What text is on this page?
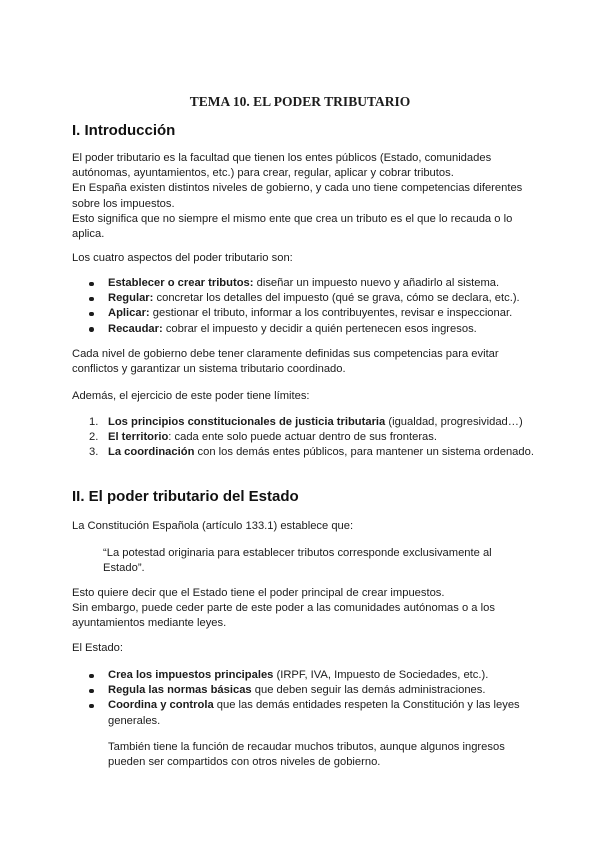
TEMA 10. EL PODER TRIBUTARIO
I. Introducción

El poder tributario es la facultad que tienen los entes públicos (Estado, comunidades autónomas, ayuntamientos, etc.) para crear, regular, aplicar y cobrar tributos.
En España existen distintos niveles de gobierno, y cada uno tiene competencias diferentes sobre los impuestos.
Esto significa que no siempre el mismo ente que crea un tributo es el que lo recauda o lo aplica.

Los cuatro aspectos del poder tributario son:

Establecer o crear tributos: diseñar un impuesto nuevo y añadirlo al sistema.
Regular: concretar los detalles del impuesto (qué se grava, cómo se declara, etc.).
Aplicar: gestionar el tributo, informar a los contribuyentes, revisar e inspeccionar.
Recaudar: cobrar el impuesto y decidir a quién pertenecen esos ingresos.

Cada nivel de gobierno debe tener claramente definidas sus competencias para evitar conflictos y garantizar un sistema tributario coordinado.

Además, el ejercicio de este poder tiene límites:

1. Los principios constitucionales de justicia tributaria (igualdad, progresividad…)
2. El territorio: cada ente solo puede actuar dentro de sus fronteras.
3. La coordinación con los demás entes públicos, para mantener un sistema ordenado.
II. El poder tributario del Estado

La Constitución Española (artículo 133.1) establece que:

“La potestad originaria para establecer tributos corresponde exclusivamente al Estado”.

Esto quiere decir que el Estado tiene el poder principal de crear impuestos.
Sin embargo, puede ceder parte de este poder a las comunidades autónomas o a los ayuntamientos mediante leyes.

El Estado:

Crea los impuestos principales (IRPF, IVA, Impuesto de Sociedades, etc.).
Regula las normas básicas que deben seguir las demás administraciones.
Coordina y controla que las demás entidades respeten la Constitución y las leyes generales.

También tiene la función de recaudar muchos tributos, aunque algunos ingresos pueden ser compartidos con otros niveles de gobierno.
